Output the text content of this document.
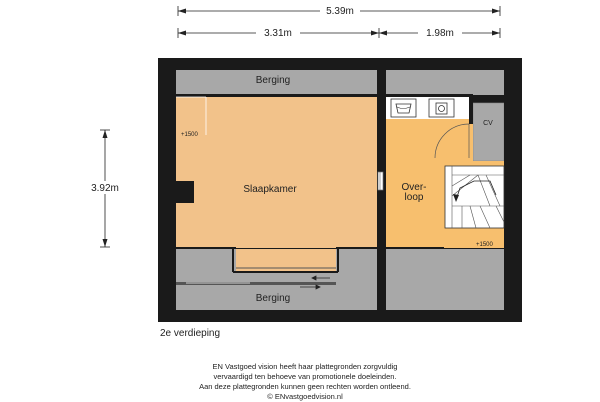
5.39m
3.31m	1.98m
3.92m
Berging
Berging
Slaapkamer	Over-
loop
CV
+1500
+1500
2e verdieping
EN Vastgoed vision heeft haar plattegronden zorgvuldig
vervaardigd ten behoeve van promotionele doeleinden.
Aan deze plattegronden kunnen geen rechten worden ontleend.
© ENvastgoedvision.nl
